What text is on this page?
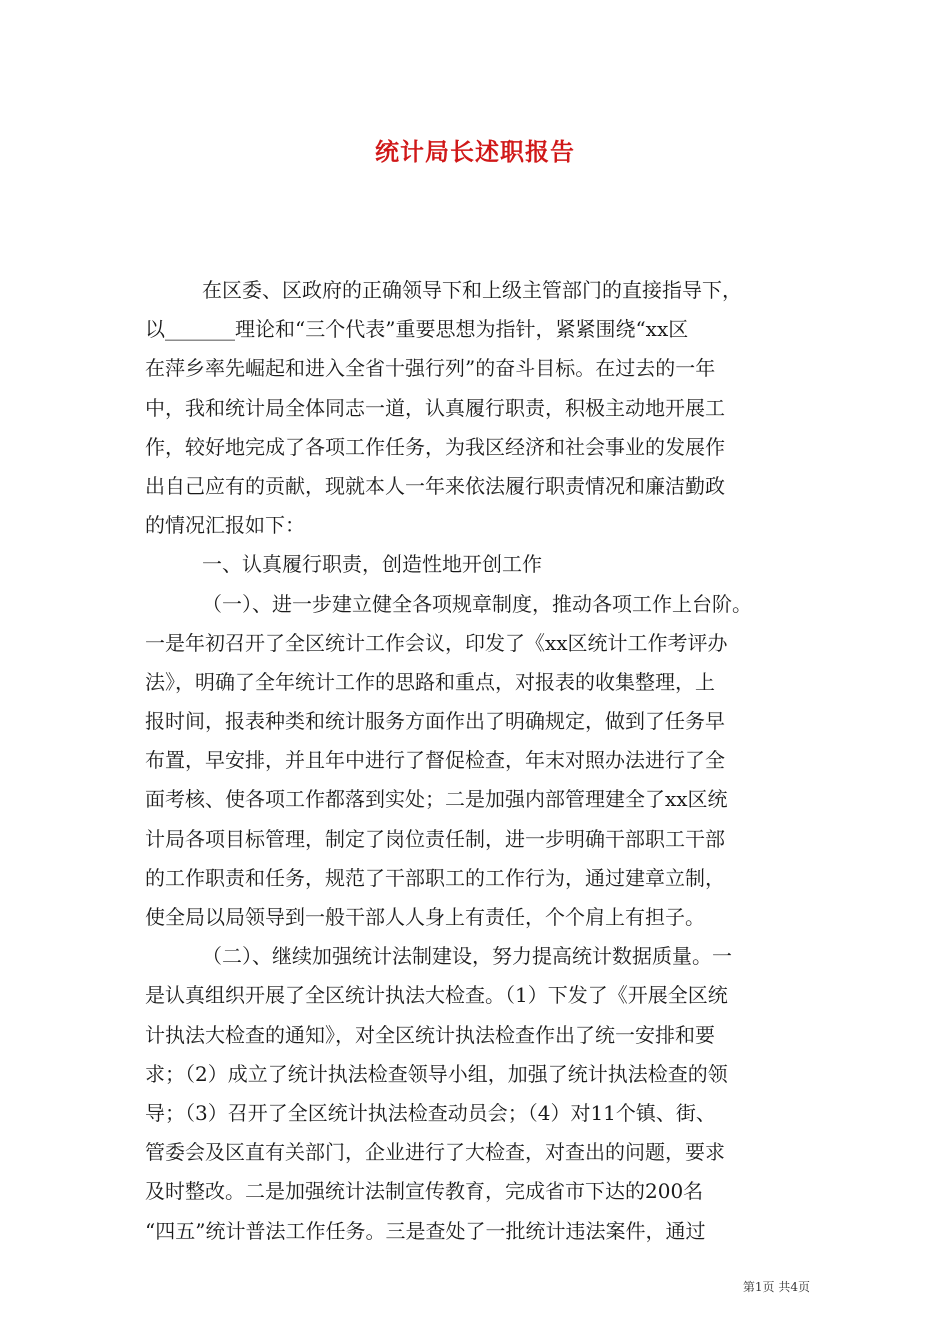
统计局长述职报告
在区委、区政府的正确领导下和上级主管部门的直接指导下，
以_______理论和“三个代表”重要思想为指针，紧紧围绕“xx区
在萍乡率先崛起和进入全省十强行列”的奋斗目标。在过去的一年
中，我和统计局全体同志一道，认真履行职责，积极主动地开展工
作，较好地完成了各项工作任务，为我区经济和社会事业的发展作
出自己应有的贡献，现就本人一年来依法履行职责情况和廉洁勤政
的情况汇报如下：
一、认真履行职责，创造性地开创工作
（一）、进一步建立健全各项规章制度，推动各项工作上台阶。
一是年初召开了全区统计工作会议，印发了《xx区统计工作考评办
法》，明确了全年统计工作的思路和重点，对报表的收集整理，上
报时间，报表种类和统计服务方面作出了明确规定，做到了任务早
布置，早安排，并且年中进行了督促检查，年末对照办法进行了全
面考核、使各项工作都落到实处；二是加强内部管理建全了xx区统
计局各项目标管理，制定了岗位责任制，进一步明确干部职工干部
的工作职责和任务，规范了干部职工的工作行为，通过建章立制，
使全局以局领导到一般干部人人身上有责任，个个肩上有担子。
（二）、继续加强统计法制建设，努力提高统计数据质量。一
是认真组织开展了全区统计执法大检查。（1）下发了《开展全区统
计执法大检查的通知》，对全区统计执法检查作出了统一安排和要
求；（2）成立了统计执法检查领导小组，加强了统计执法检查的领
导；（3）召开了全区统计执法检查动员会；（4）对11个镇、街、
管委会及区直有关部门，企业进行了大检查，对查出的问题，要求
及时整改。二是加强统计法制宣传教育，完成省市下达的200名
“四五”统计普法工作任务。三是查处了一批统计违法案件，通过
第1页 共4页
